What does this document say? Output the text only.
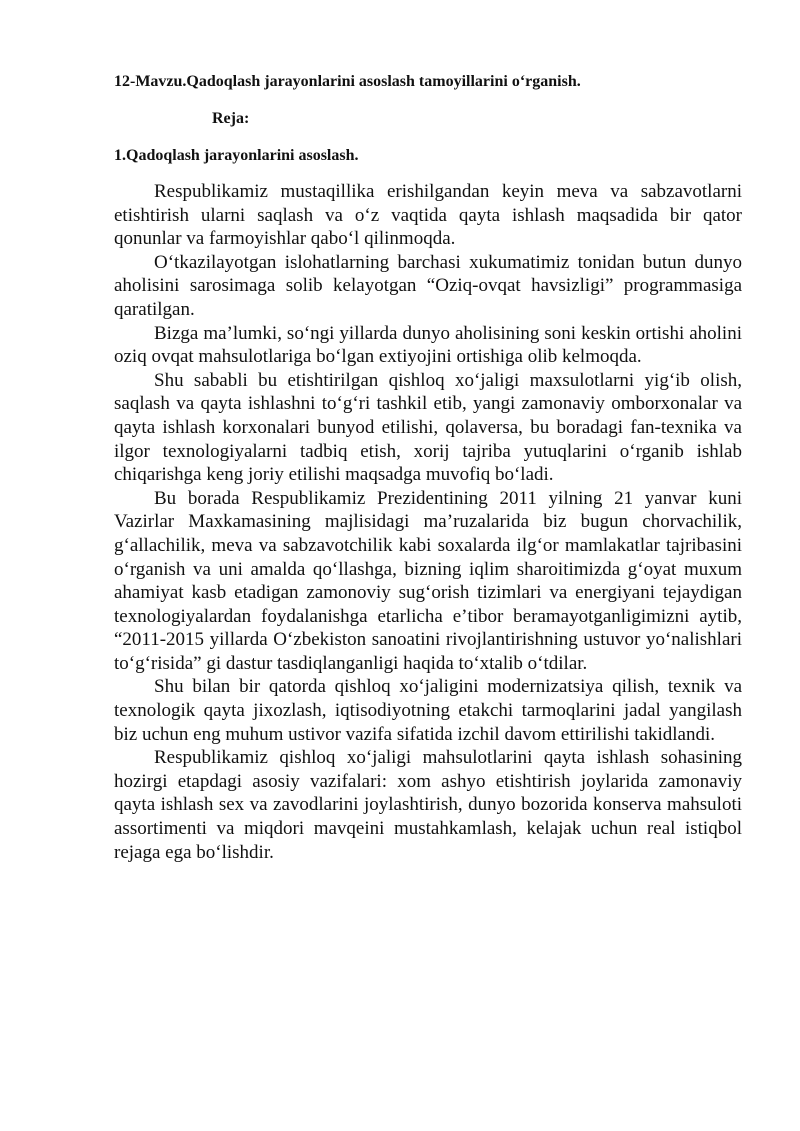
12-Mavzu.Qadoqlash jarayonlarini asoslash tamoyillarini oʻrganish.

Reja:

1.Qadoqlash jarayonlarini asoslash.

Respublikamiz mustaqillika erishilgandan keyin meva va sabzavotlarni etishtirish ularni saqlash va oʻz vaqtida qayta ishlash maqsadida bir qator qonunlar va farmoyishlar qaboʻl qilinmoqda.

Oʻtkazilayotgan islohatlarning barchasi xukumatimiz tonidan butun dunyo aholisini sarosimaga solib kelayotgan “Oziq-ovqat havsizligi” programmasiga qaratilgan.

Bizga maʼlumki, soʻngi yillarda dunyo aholisining soni keskin ortishi aholini oziq ovqat mahsulotlariga boʻlgan extiyojini ortishiga olib kelmoqda.

Shu sababli bu etishtirilgan qishloq xoʻjaligi maxsulotlarni yigʻib olish, saqlash va qayta ishlashni toʻgʻri tashkil etib, yangi zamonaviy omborxonalar va qayta ishlash korxonalari bunyod etilishi, qolaversa, bu boradagi fan-texnika va ilgor texnologiyalarni tadbiq etish, xorij tajriba yutuqlarini oʻrganib ishlab chiqarishga keng joriy etilishi maqsadga muvofiq boʻladi.

Bu borada Respublikamiz Prezidentining 2011 yilning 21 yanvar kuni Vazirlar Maxkamasining majlisidagi maʼruzalarida biz bugun chorvachilik, gʻallachilik, meva va sabzavotchilik kabi soxalarda ilgʻor mamlakatlar tajribasini oʻrganish va uni amalda qoʻllashga, bizning iqlim sharoitimizda gʻoyat muxum ahamiyat kasb etadigan zamonoviy sugʻorish tizimlari va energiyani tejaydigan texnologiyalardan foydalanishga etarlicha eʼtibor beramayotganligimizni aytib, “2011-2015 yillarda Oʻzbekiston sanoatini rivojlantirishning ustuvor yoʻnalishlari toʻgʻrisida” gi dastur tasdiqlanganligi haqida toʻxtalib oʻtdilar.

Shu bilan bir qatorda qishloq xoʻjaligini modernizatsiya qilish, texnik va texnologik qayta jixozlash, iqtisodiyotning etakchi tarmoqlarini jadal yangilash biz uchun eng muhum ustivor vazifa sifatida izchil davom ettirilishi takidlandi.

Respublikamiz qishloq xoʻjaligi mahsulotlarini qayta ishlash sohasining hozirgi etapdagi asosiy vazifalari: xom ashyo etishtirish joylarida zamonaviy qayta ishlash sex va zavodlarini joylashtirish, dunyo bozorida konserva mahsuloti assortimenti va miqdori mavqeini mustahkamlash, kelajak uchun real istiqbol rejaga ega boʻlishdir.
